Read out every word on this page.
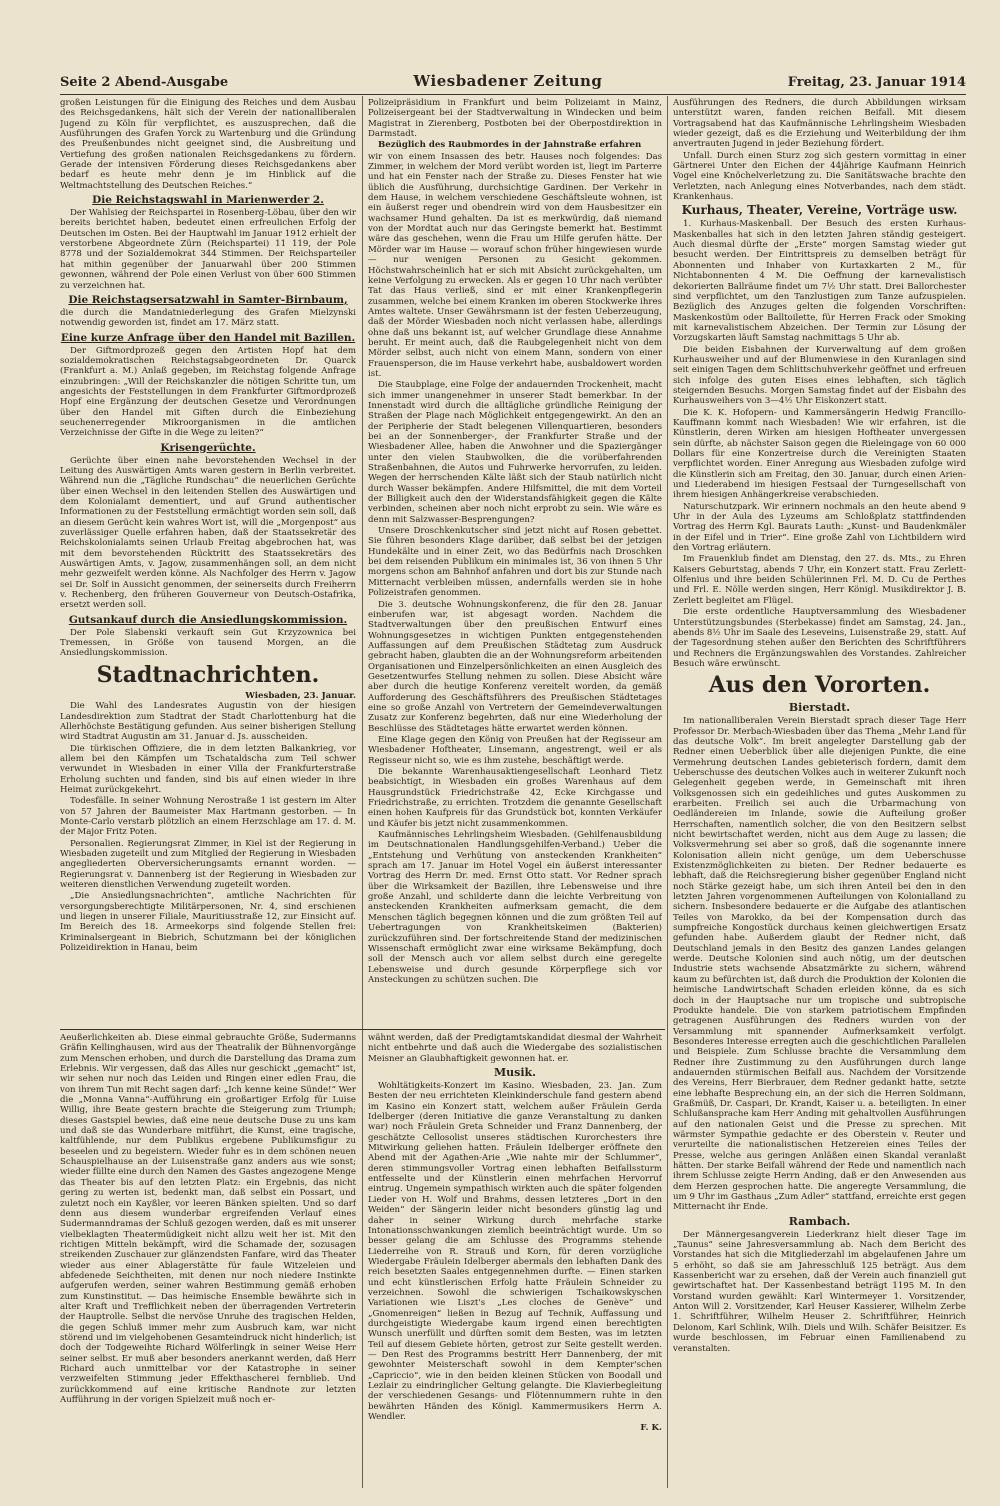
Seite 2 Abend-Ausgabe	Wiesbadener Zeitung	Freitag, 23. Januar 1914

großen Leistungen für die Einigung des Reiches und dem Ausbau des Reichsgedankens, hält sich der Verein der nationalliberalen Jugend zu Köln für verpflichtet, es auszusprechen, daß die Ausführungen des Grafen Yorck zu Wartenburg und die Gründung des Preußenbundes nicht geeignet sind, die Ausbreitung und Vertiefung des großen nationalen Reichsgedankens zu fördern. Gerade der intensiven Förderung dieses Reichsgedankens aber bedarf es heute mehr denn je im Hinblick auf die Weltmachtstellung des Deutschen Reiches.“

Die Reichstagswahl in Marienwerder 2.

Der Wahlsieg der Reichspartei in Rosenberg-Löbau, über den wir bereits berichtet haben, bedeutet einen erfreulichen Erfolg der Deutschen im Osten. Bei der Hauptwahl im Januar 1912 erhielt der verstorbene Abgeordnete Zürn (Reichspartei) 11 119, der Pole 8778 und der Sozialdemokrat 344 Stimmen. Der Reichsparteiler hat mithin gegenüber der Januarwahl über 200 Stimmen gewonnen, während der Pole einen Verlust von über 600 Stimmen zu verzeichnen hat.

Die Reichstagsersatzwahl in Samter-Birnbaum,

die durch die Mandatniederlegung des Grafen Mielzynski notwendig geworden ist, findet am 17. März statt.

Eine kurze Anfrage über den Handel mit Bazillen.

Der Giftmordprozeß gegen den Artisten Hopf hat dem sozialdemokratischen Reichstagsabgeordneten Dr. Quarck (Frankfurt a. M.) Anlaß gegeben, im Reichstag folgende Anfrage einzubringen: „Will der Reichskanzler die nötigen Schritte tun, um angesichts der Feststellungen in dem Frankfurter Giftmordprozeß Hopf eine Ergänzung der deutschen Gesetze und Verordnungen über den Handel mit Giften durch die Einbeziehung seuchenerregender Mikroorganismen in die amtlichen Verzeichnisse der Gifte in die Wege zu leiten?“

Krisengerüchte.

Gerüchte über einen nahe bevorstehenden Wechsel in der Leitung des Auswärtigen Amts waren gestern in Berlin verbreitet. Während nun die „Tägliche Rundschau“ die neuerlichen Gerüchte über einen Wechsel in den leitenden Stellen des Auswärtigen und dem Kolonialamt dementiert, und auf Grund authentischer Informationen zu der Feststellung ermächtigt worden sein soll, daß an diesem Gerücht kein wahres Wort ist, will die „Morgenpost“ aus zuverlässiger Quelle erfahren haben, daß der Staatssekretär des Reichskolonialamts seinen Urlaub Freitag abgebrochen hat, was mit dem bevorstehenden Rücktritt des Staatssekretärs des Auswärtigen Amts, v. Jagow, zusammenhängen soll, an dem nicht mehr gezweifelt werden könne. Als Nachfolger des Herrn v. Jagow sei Dr. Solf in Aussicht genommen, der seinerseits durch Freiherrn v. Rechenberg, den früheren Gouverneur von Deutsch-Ostafrika, ersetzt werden soll.

Gutsankauf durch die Ansiedlungskommission.

Der Pole Slabenski verkauft sein Gut Krzyzownica bei Tremessen, in Größe von tausend Morgen, an die Ansiedlungskommission.

Stadtnachrichten.
Wiesbaden, 23. Januar.

Die Wahl des Landesrates Augustin von der hiesigen Landesdirektion zum Stadtrat der Stadt Charlottenburg hat die Allerhöchste Bestätigung gefunden. Aus seiner bisherigen Stellung wird Stadtrat Augustin am 31. Januar d. Js. ausscheiden.

Die türkischen Offiziere, die in dem letzten Balkankrieg, vor allem bei den Kämpfen um Tschataldscha zum Teil schwer verwundet in Wiesbaden in einer Villa der Frankfurterstraße Erholung suchten und fanden, sind bis auf einen wieder in ihre Heimat zurückgekehrt.

Todesfälle. In seiner Wohnung Nerostraße 1 ist gestern im Alter von 57 Jahren der Baumeister Max Hartmann gestorben. — In Monte-Carlo verstarb plötzlich an einem Herzschlage am 17. d. M. der Major Fritz Poten.

Personalien. Regierungsrat Zimmer, in Kiel ist der Regierung in Wiesbaden zugeteilt und zum Mitglied der Regierung in Wiesbaden angegliederten Oberversicherungsamts ernannt worden. — Regierungsrat v. Dannenberg ist der Regierung in Wiesbaden zur weiteren dienstlichen Verwendung zugeteilt worden.

„Die Ansiedlungsnachrichten“, amtliche Nachrichten für versorgungsberechtigte Militärpersonen, Nr. 4, sind erschienen und liegen in unserer Filiale, Mauritiusstraße 12, zur Einsicht auf. Im Bereich des 18. Armeekorps sind folgende Stellen frei: Kriminalsergeant in Biebrich, Schutzmann bei der königlichen Polizeidirektion in Hanau, beim

Polizeipräsidium in Frankfurt und beim Polizeiamt in Mainz, Polizeisergeant bei der Stadtverwaltung in Windecken und beim Magistrat in Zierenberg, Postboten bei der Oberpostdirektion in Darmstadt.

Bezüglich des Raubmordes in der Jahnstraße erfahren

wir von einem Insassen des betr. Hauses noch folgendes: Das Zimmer, in welchem der Mord verübt worden ist, liegt im Parterre und hat ein Fenster nach der Straße zu. Dieses Fenster hat wie üblich die Ausführung, durchsichtige Gardinen. Der Verkehr in dem Hause, in welchem verschiedene Geschäftsleute wohnen, ist ein äußerst reger und obendrein wird von dem Hausbesitzer ein wachsamer Hund gehalten. Da ist es merkwürdig, daß niemand von der Mordtat auch nur das Geringste bemerkt hat. Bestimmt wäre das geschehen, wenn die Frau um Hilfe gerufen hätte. Der Mörder war im Hause — worauf schon früher hingewiesen wurde — nur wenigen Personen zu Gesicht gekommen. Höchstwahrscheinlich hat er sich mit Absicht zurückgehalten, um keine Verfolgung zu erwecken. Als er gegen 10 Uhr nach verübter Tat das Haus verließ, sind er mit einer Krankenpflegerin zusammen, welche bei einem Kranken im oberen Stockwerke ihres Amtes waltete. Unser Gewährsmann ist der festen Ueberzeugung, daß der Mörder Wiesbaden noch nicht verlassen habe, allerdings ohne daß uns bekannt ist, auf welcher Grundlage diese Annahme beruht. Er meint auch, daß die Raubgelegenheit nicht von dem Mörder selbst, auch nicht von einem Mann, sondern von einer Frauensperson, die im Hause verkehrt habe, ausbaldowert worden ist.

Die Staubplage, eine Folge der andauernden Trockenheit, macht sich immer unangenehmer in unserer Stadt bemerkbar. In der Innenstadt wird durch die alltägliche gründliche Reinigung der Straßen der Plage nach Möglichkeit entgegengewirkt. An den an der Peripherie der Stadt belegenen Villenquartieren, besonders bei an der Sonnenberger-, der Frankfurter Straße und der Wiesbadener Allee, haben die Anwohner und die Spaziergänger unter den vielen Staubwolken, die die vorüberfahrenden Straßenbahnen, die Autos und Fuhrwerke hervorrufen, zu leiden. Wegen der herrschenden Kälte läßt sich der Staub natürlich nicht durch Wasser bekämpfen. Andere Hilfsmittel, die mit dem Vorteil der Billigkeit auch den der Widerstandsfähigkeit gegen die Kälte verbinden, scheinen aber noch nicht erprobt zu sein. Wie wäre es denn mit Salzwasser-Besprengungen?

Unsere Droschkenkutscher sind jetzt nicht auf Rosen gebettet. Sie führen besonders Klage darüber, daß selbst bei der jetzigen Hundekälte und in einer Zeit, wo das Bedürfnis nach Droschken bei dem reisenden Publikum ein minimales ist, 36 von ihnen 5 Uhr morgens schon am Bahnhof anfahren und dort bis zur Stunde nach Mitternacht verbleiben müssen, andernfalls werden sie in hohe Polizeistrafen genommen.

Die 3. deutsche Wohnungskonferenz, die für den 28. Januar einberufen war, ist abgesagt worden. Nachdem die Stadtverwaltungen über den preußischen Entwurf eines Wohnungsgesetzes in wichtigen Punkten entgegenstehenden Auffassungen auf dem Preußischen Städtetag zum Ausdruck gebracht haben, glaubten die an der Wohnungsreform arbeitenden Organisationen und Einzelpersönlichkeiten an einen Ausgleich des Gesetzentwurfes Stellung nehmen zu sollen. Diese Absicht wäre aber durch die heutige Konferenz vereitelt worden, da gemäß Aufforderung des Geschäftsführers des Preußischen Städtetages eine so große Anzahl von Vertretern der Gemeindeverwaltungen Zusatz zur Konferenz begehrten, daß nur eine Wiederholung der Beschlüsse des Städtetages hätte erwartet werden können.

Eine Klage gegen den König von Preußen hat der Regisseur am Wiesbadener Hoftheater, Linsemann, angestrengt, weil er als Regisseur nicht so, wie es ihm zustehe, beschäftigt werde.

Die bekannte Warenhausaktiengesellschaft Leonhard Tietz beabsichtigt, in Wiesbaden ein großes Warenhaus auf dem Hausgrundstück Friedrichstraße 42, Ecke Kirchgasse und Friedrichstraße, zu errichten. Trotzdem die genannte Gesellschaft einen hohen Kaufpreis für das Grundstück bot, konnten Verkäufer und Käufer bis jetzt nicht zusammenkommen.

Kaufmännisches Lehrlingsheim Wiesbaden. (Gehilfenausbildung im Deutschnationalen Handlungsgehilfen-Verband.) Ueber die „Entstehung und Verhütung von ansteckenden Krankheiten“ sprach am 17. Januar im Hotel Vogel ein äußerst interessanter Vortrag des Herrn Dr. med. Ernst Otto statt. Vor Redner sprach über die Wirksamkeit der Bazillen, ihre Lebensweise und ihre große Anzahl, und schilderte dann die leichte Verbreitung von ansteckenden Krankheiten aufmerksam gemacht, die dem Menschen täglich begegnen können und die zum größten Teil auf Uebertragungen von Krankheitskeimen (Bakterien) zurückzuführen sind. Der fortschreitende Stand der medizinischen Wissenschaft ermöglicht zwar eine wirksame Bekämpfung, doch soll der Mensch auch vor allem selbst durch eine geregelte Lebensweise und durch gesunde Körperpflege sich vor Ansteckungen zu schützen suchen. Die

Ausführungen des Redners, die durch Abbildungen wirksam unterstützt waren, fanden reichen Beifall. Mit diesem Vortragsabend hat das Kaufmännische Lehrlingsheim Wiesbaden wieder gezeigt, daß es die Erziehung und Weiterbildung der ihm anvertrauten Jugend in jeder Beziehung fördert.

Unfall. Durch einen Sturz zog sich gestern vormittag in einer Gärtnerei Unter den Eichen der 44jährige Kaufmann Heinrich Vogel eine Knöchelverletzung zu. Die Sanitätswache brachte den Verletzten, nach Anlegung eines Notverbandes, nach dem städt. Krankenhaus.

Kurhaus, Theater, Vereine, Vorträge usw.

1. Kurhaus-Maskenball. Der Besuch des ersten Kurhaus-Maskenballes hat sich in den letzten Jahren ständig gesteigert. Auch diesmal dürfte der „Erste“ morgen Samstag wieder gut besucht werden. Der Eintrittspreis zu demselben beträgt für Abonnenten und Inhaber von Kurtaxkarten 2 M., für Nichtabonnenten 4 M. Die Oeffnung der karnevalistisch dekorierten Ballräume findet um 7½ Uhr statt. Drei Ballorchester sind verpflichtet, um den Tanzlustigen zum Tanze aufzuspielen. Bezüglich des Anzuges gelten die folgenden Vorschriften: Maskenkostüm oder Balltoilette, für Herren Frack oder Smoking mit karnevalistischem Abzeichen. Der Termin zur Lösung der Vorzugskarten läuft Samstag nachmittags 5 Uhr ab.

Die beiden Eisbahnen der Kurverwaltung auf dem großen Kurhausweiher und auf der Blumenwiese in den Kuranlagen sind seit einigen Tagen dem Schlittschuhverkehr geöffnet und erfreuen sich infolge des guten Eises eines lebhaften, sich täglich steigernden Besuchs. Morgen Samstag findet auf der Eisbahn des Kurhausweihers von 3—4½ Uhr Eiskonzert statt.

Die K. K. Hofopern- und Kammersängerin Hedwig Francillo-Kauffmann kommt nach Wiesbaden! Wie wir erfahren, ist die Künstlerin, deren Wirken am hiesigen Hoftheater unvergessen sein dürfte, ab nächster Saison gegen die Rieleingage von 60 000 Dollars für eine Konzertreise durch die Vereinigten Staaten verpflichtet worden. Einer Anregung aus Wiesbaden zufolge wird die Künstlerin sich am Freitag, den 30. Januar, durch einen Arien- und Liederabend im hiesigen Festsaal der Turngesellschaft von ihrem hiesigen Anhängerkreise verabschieden.

Naturschutzpark. Wir erinnern nochmals an den heute abend 9 Uhr in der Aula des Lyzeums am Schloßplatz stattfindenden Vortrag des Herrn Kgl. Baurats Lauth: „Kunst- und Baudenkmäler in der Eifel und in Trier“. Eine große Zahl von Lichtbildern wird den Vortrag erläutern.

Im Frauenklub findet am Dienstag, den 27. ds. Mts., zu Ehren Kaisers Geburtstag, abends 7 Uhr, ein Konzert statt. Frau Zerlett-Olfenius und ihre beiden Schülerinnen Frl. M. D. Cu de Perthes und Frl. E. Nölle werden singen, Herr Königl. Musikdirektor J. B. Zerlett begleitet am Flügel.

Die erste ordentliche Hauptversammlung des Wiesbadener Unterstützungsbundes (Sterbekasse) findet am Samstag, 24. Jan., abends 8½ Uhr im Saale des Leseveins, Luisenstraße 29, statt. Auf der Tagesordnung stehen außer den Berichten des Schriftführers und Rechners die Ergänzungswahlen des Vorstandes. Zahlreicher Besuch wäre erwünscht.

Aus den Vororten.
Bierstadt.

Im nationalliberalen Verein Bierstadt sprach dieser Tage Herr Professor Dr. Merbach-Wiesbaden über das Thema „Mehr Land für das deutsche Volk“. Im breit angelegter Darstellung gab der Redner einen Ueberblick über alle diejenigen Punkte, die eine Vermehrung deutschen Landes gebieterisch fordern, damit dem Ueberschusse des deutschen Volkes auch in weiterer Zukunft noch Gelegenheit gegeben werde, in Gemeinschaft mit ihren Volksgenossen sich ein gedeihliches und gutes Auskommen zu erarbeiten. Freilich sei auch die Urbarmachung von Oedländereien im Inlande, sowie die Aufteilung großer Herrschaften, namentlich solcher, die von den Besitzern selbst nicht bewirtschaftet werden, nicht aus dem Auge zu lassen; die Volksvermehrung sei aber so groß, daß die sogenannte innere Kolonisation allein nicht genüge, um dem Ueberschusse Existenzmöglichkeiten zu bieten. Der Redner bedauerte es lebhaft, daß die Reichsregierung bisher gegenüber England nicht noch Stärke gezeigt habe, um sich ihren Anteil bei den in den letzten Jahren vorgenommenen Aufteilungen von Kolonialland zu sichern. Insbesondere bedauerte er die Aufgabe des atlantischen Teiles von Marokko, da bei der Kompensation durch das sumpfreiche Kongostück durchaus keinen gleichwertigen Ersatz gefunden habe. Außerdem glaubt der Redner nicht, daß Deutschland jemals in den Besitz des ganzen Landes gelangen werde. Deutsche Kolonien sind auch nötig, um der deutschen Industrie stets wachsende Absatzmärkte zu sichern, während kaum zu befürchten ist, daß durch die Produktion der Kolonien die heimische Landwirtschaft Schaden erleiden könne, da es sich doch in der Hauptsache nur um tropische und subtropische Produkte handele. Die von starkem patriotischem Empfinden getragenen Ausführungen des Redners wurden von der Versammlung mit spannender Aufmerksamkeit verfolgt. Besonderes Interesse erregten auch die geschichtlichen Parallelen und Beispiele. Zum Schlusse brachte die Versammlung dem Redner ihre Zustimmung zu den Ausführungen durch lange andauernden stürmischen Beifall aus. Nachdem der Vorsitzende des Vereins, Herr Bierbrauer, dem Redner gedankt hatte, setzte eine lebhafte Besprechung ein, an der sich die Herren Soldmann, Graßmüß, Dr. Caspari, Dr. Krandt, Kaiser u. a. beteiligten. In einer Schlußansprache kam Herr Anding mit gehaltvollen Ausführungen auf den nationalen Geist und die Presse zu sprechen. Mit wärmster Sympathie gedachte er des Oberstein v. Reuter und verurteilte die nationalistischen Hetzereien eines Teiles der Presse, welche aus geringen Anläßen einen Skandal veranlaßt hätten. Der starke Beifall während der Rede und namentlich nach ihrem Schlusse zeigte Herrn Anding, daß er den Anwesenden aus dem Herzen gesprochen hatte. Die angeregte Versammlung, die um 9 Uhr im Gasthaus „Zum Adler“ stattfand, erreichte erst gegen Mitternacht ihr Ende.

Rambach.

Der Männergesangverein Liederkranz hielt dieser Tage im „Taunus“ seine Jahresversammlung ab. Nach dem Bericht des Vorstandes hat sich die Mitgliederzahl im abgelaufenen Jahre um 5 erhöht, so daß sie am Jahresschluß 125 beträgt. Aus dem Kassenbericht war zu ersehen, daß der Verein auch finanziell gut gewirtschaftet hat. Der Kassenbestand beträgt 1195 M. In den Vorstand wurden gewählt: Karl Wintermeyer 1. Vorsitzender, Anton Will 2. Vorsitzender, Karl Heuser Kassierer, Wilhelm Zerbe 1. Schriftführer, Wilhelm Heuser 2. Schriftführer, Heinrich Delonom, Karl Schlink, Wilh. Diels und Wilh. Schäfer Beisitzer. Es wurde beschlossen, im Februar einen Familienabend zu veranstalten.

Aeußerlichkeiten ab. Diese einmal gebrauchte Größe, Sudermanns Gräfin Kellinghausen, wird aus der Theatralik der Bühnenvorgänge zum Menschen erhoben, und durch die Darstellung das Drama zum Erlebnis. Wir vergessen, daß das Alles nur geschickt „gemacht“ ist, wir sehen nur noch das Leiden und Ringen einer edlen Frau, die von ihrem Tun mit Recht sagen darf: „Ich kenne keine Sünde!“ Wer die „Monna Vanna“-Aufführung ein großartiger Erfolg für Luise Willig, ihre Beate gestern brachte die Steigerung zum Triumph; dieses Gastspiel bewies, daß eine neue deutsche Duse zu uns kam und daß sie das Wunderbare mitführt, die Kunst, eine tragische, kaltfühlende, nur dem Publikus ergebene Publikumsfigur zu beseelen und zu begeistern. Wieder fuhr es in dem schönen neuen Schauspielhause an der Luisenstraße ganz anders aus wie sonst; wieder füllte eine durch den Namen des Gastes angezogene Menge das Theater bis auf den letzten Platz: ein Ergebnis, das nicht gering zu werten ist, bedenkt man, daß selbst ein Possart, und zuletzt noch ein Kayßler, vor leeren Bänken spielten. Und so darf denn aus diesem wunderbar ergreifenden Verlauf eines Sudermanndramas der Schluß gezogen werden, daß es mit unserer vielbeklagten Theatermüdigkeit nicht allzu weit her ist. Mit den richtigen Mitteln bekämpft, wird die Schamade der, sozusagen streikenden Zuschauer zur glänzendsten Fanfare, wird das Theater wieder aus einer Ablagerstätte für faule Witzeleien und abfedenede Seichtheiten, mit denen nur noch niedere Instinkte aufgerufen werden, seiner wahren Bestimmung gemäß erhoben zum Kunstinstitut. — Das heimische Ensemble bewährte sich in alter Kraft und Trefflichkeit neben der überragenden Vertreterin der Hauptrolle. Selbst die nervöse Unruhe des tragischen Helden, die gegen Schluß immer mehr zum Ausbruch kam, war nicht störend und im vielgehobenen Gesamteindruck nicht hinderlich; ist doch der Todgeweihte Richard Wölferlingk in seiner Weise Herr seiner selbst. Er muß aber besonders anerkannt werden, daß Herr Richard auch unmittelbar vor der Katastrophe in seiner verzweifelten Stimmung jeder Effekthascherei fernblieb. Und zurückkommend auf eine kritische Randnote zur letzten Aufführung in der vorigen Spielzeit muß noch er-

wähnt werden, daß der Predigtamtskandidat diesmal der Wahrheit nicht entbehrte und daß auch die Wiedergabe des sozialistischen Meisner an Glaubhaftigkeit gewonnen hat. er.

Musik.

Wohltätigkeits-Konzert im Kasino. Wiesbaden, 23. Jan. Zum Besten der neu errichteten Kleinkinderschule fand gestern abend im Kasino ein Konzert statt, welchem außer Fräulein Gerda Idelberger (deren Initiative die ganze Veranstaltung zu danken war) noch Fräulein Greta Schneider und Franz Dannenberg, der geschätzte Cellosolist unseres städtischen Kurorchesters ihre Mitwirkung geliehen hatten. Fräulein Idelberger eröffnete den Abend mit der Agathen-Arie „Wie nahte mir der Schlummer“, deren stimmungsvoller Vortrag einen lebhaften Beifallssturm entfesselte und der Künstlerin einen mehrfachen Hervorruf eintrug. Ungemein sympathisch wirkten auch die später folgenden Lieder von H. Wolf und Brahms, dessen letzteres „Dort in den Weiden“ der Sängerin leider nicht besonders günstig lag und daher in seiner Wirkung durch mehrfache starke Intonationsschwankungen ziemlich beeinträchtigt wurde. Um so besser gelang die am Schlusse des Programms stehende Liederreihe von R. Strauß und Korn, für deren vorzügliche Wiedergabe Fräulein Idelberger abermals den lebhaften Dank des reich besetzten Saales entgegennehmen durfte. — Einen starken und echt künstlerischen Erfolg hatte Fräulein Schneider zu verzeichnen. Sowohl die schwierigen Tschaikowskyschen Variationen wie Liszt's „Les cloches de Genève“ und „Gnomenreigen“ ließen in Bezug auf Technik, Auffassung und durchgeistigte Wiedergabe kaum irgend einen berechtigten Wunsch unerfüllt und dürften somit dem Besten, was im letzten Teil auf diesem Gebiete hörten, getrost zur Seite gestellt werden. — Den Rest des Programms bestritt Herr Dannenberg, der mit gewohnter Meisterschaft sowohl in dem Kempter'schen „Capriccio“, wie in den beiden kleinen Stücken von Boodall und Lezlair zu eindringlicher Geltung gelangte. Die Klavierbegleitung der verschiedenen Gesangs- und Flötennummern ruhte in den bewährten Händen des Königl. Kammermusikers Herrn A. Wendler.

F. K.
